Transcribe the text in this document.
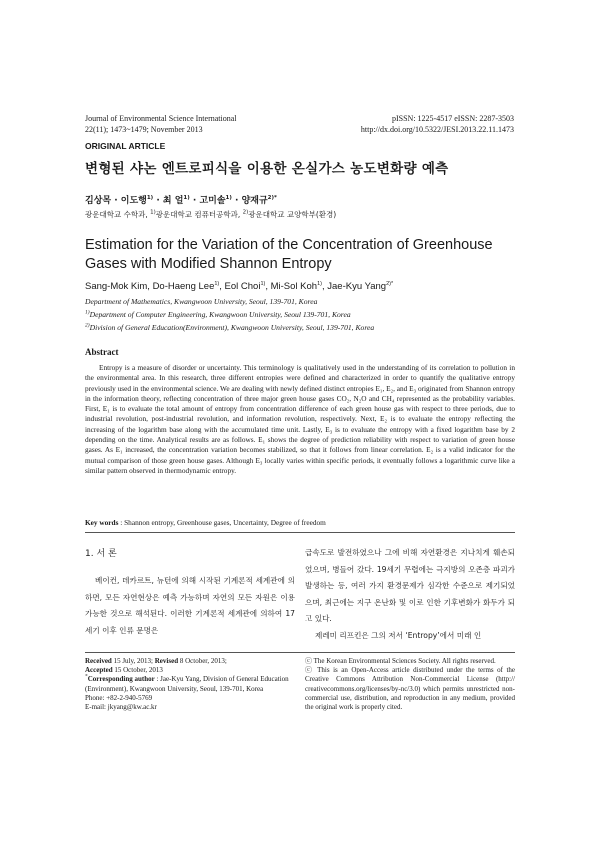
Journal of Environmental Science International
22(11); 1473~1479; November 2013
pISSN: 1225-4517 eISSN: 2287-3503
http://dx.doi.org/10.5322/JESI.2013.22.11.1473
ORIGINAL ARTICLE
변형된 샤논 엔트로피식을 이용한 온실가스 농도변화량 예측
김상목 · 이도행$^{1)}$ · 최 얼$^{1)}$ · 고미솔$^{1)}$ · 양재규$^{2)*}$
광운대학교 수학과, $^{1)}$광운대학교 컴퓨터공학과, $^{2)}$광운대학교 교양학부(환경)
Estimation for the Variation of the Concentration of Greenhouse Gases with Modified Shannon Entropy
Sang-Mok Kim, Do-Haeng Lee$^{1)}$, Eol Choi$^{1)}$, Mi-Sol Koh$^{1)}$, Jae-Kyu Yang$^{2)*}$
Department of Mathematics, Kwangwoon University, Seoul, 139-701, Korea
$^{1)}$Department of Computer Engineering, Kwangwoon University, Seoul 139-701, Korea
$^{2)}$Division of General Education(Environment), Kwangwoon University, Seoul, 139-701, Korea
Abstract
Entropy is a measure of disorder or uncertainty. This terminology is qualitatively used in the understanding of its correlation to pollution in the environmental area. In this research, three different entropies were defined and characterized in order to quantify the qualitative entropy previously used in the environmental science. We are dealing with newly defined distinct entropies E₁, E₂, and E₃ originated from Shannon entropy in the information theory, reflecting concentration of three major green house gases CO₂, N₂O and CH₄ represented as the probability variables. First, E₁ is to evaluate the total amount of entropy from concentration difference of each green house gas with respect to three periods, due to industrial revolution, post-industrial revolution, and information revolution, respectively. Next, E₂ is to evaluate the entropy reflecting the increasing of the logarithm base along with the accumulated time unit. Lastly, E₃ is to evaluate the entropy with a fixed logarithm base by 2 depending on the time. Analytical results are as follows. E₁ shows the degree of prediction reliability with respect to variation of green house gases. As E₁ increased, the concentration variation becomes stabilized, so that it follows from linear correlation. E₂ is a valid indicator for the mutual comparison of those green house gases. Although E₃ locally varies within specific periods, it eventually follows a logarithmic curve like a similar pattern observed in thermodynamic entropy.
Key words : Shannon entropy, Greenhouse gases, Uncertainty, Degree of freedom
1. 서 론
베이컨, 데카르트, 뉴턴에 의해 시작된 기계론적 세계관에 의하면, 모든 자연현상은 예측 가능하며 자연의 모든 자원은 이용 가능한 것으로 해석된다. 이러한 기계론적 세계관에 의하여 17세기 이후 인류 문명은

급속도로 발전하였으나 그에 비해 자연환경은 지나치게 훼손되었으며, 병들어 갔다. 19세기 무렵에는 극지방의 오존층 파괴가 발생하는 등, 여러 가지 환경문제가 심각한 수준으로 제기되었으며, 최근에는 지구 온난화 및 이로 인한 기후변화가 화두가 되고 있다.

제레미 리프킨은 그의 저서 ‘Entropy’에서 미래 인

Received 15 July, 2013; Revised 8 October, 2013;
Accepted 15 October, 2013
*Corresponding author : Jae-Kyu Yang, Division of General Education (Environment), Kwangwoon University, Seoul, 139-701, Korea
Phone: +82-2-940-5769
E-mail: jkyang@kw.ac.kr
ⓒ The Korean Environmental Sciences Society. All rights reserved.
ⓒ This is an Open-Access article distributed under the terms of the Creative Commons Attribution Non-Commercial License (http:// creativecommons.org/licenses/by-nc/3.0) which permits unrestricted non-commercial use, distribution, and reproduction in any medium, provided the original work is properly cited.
